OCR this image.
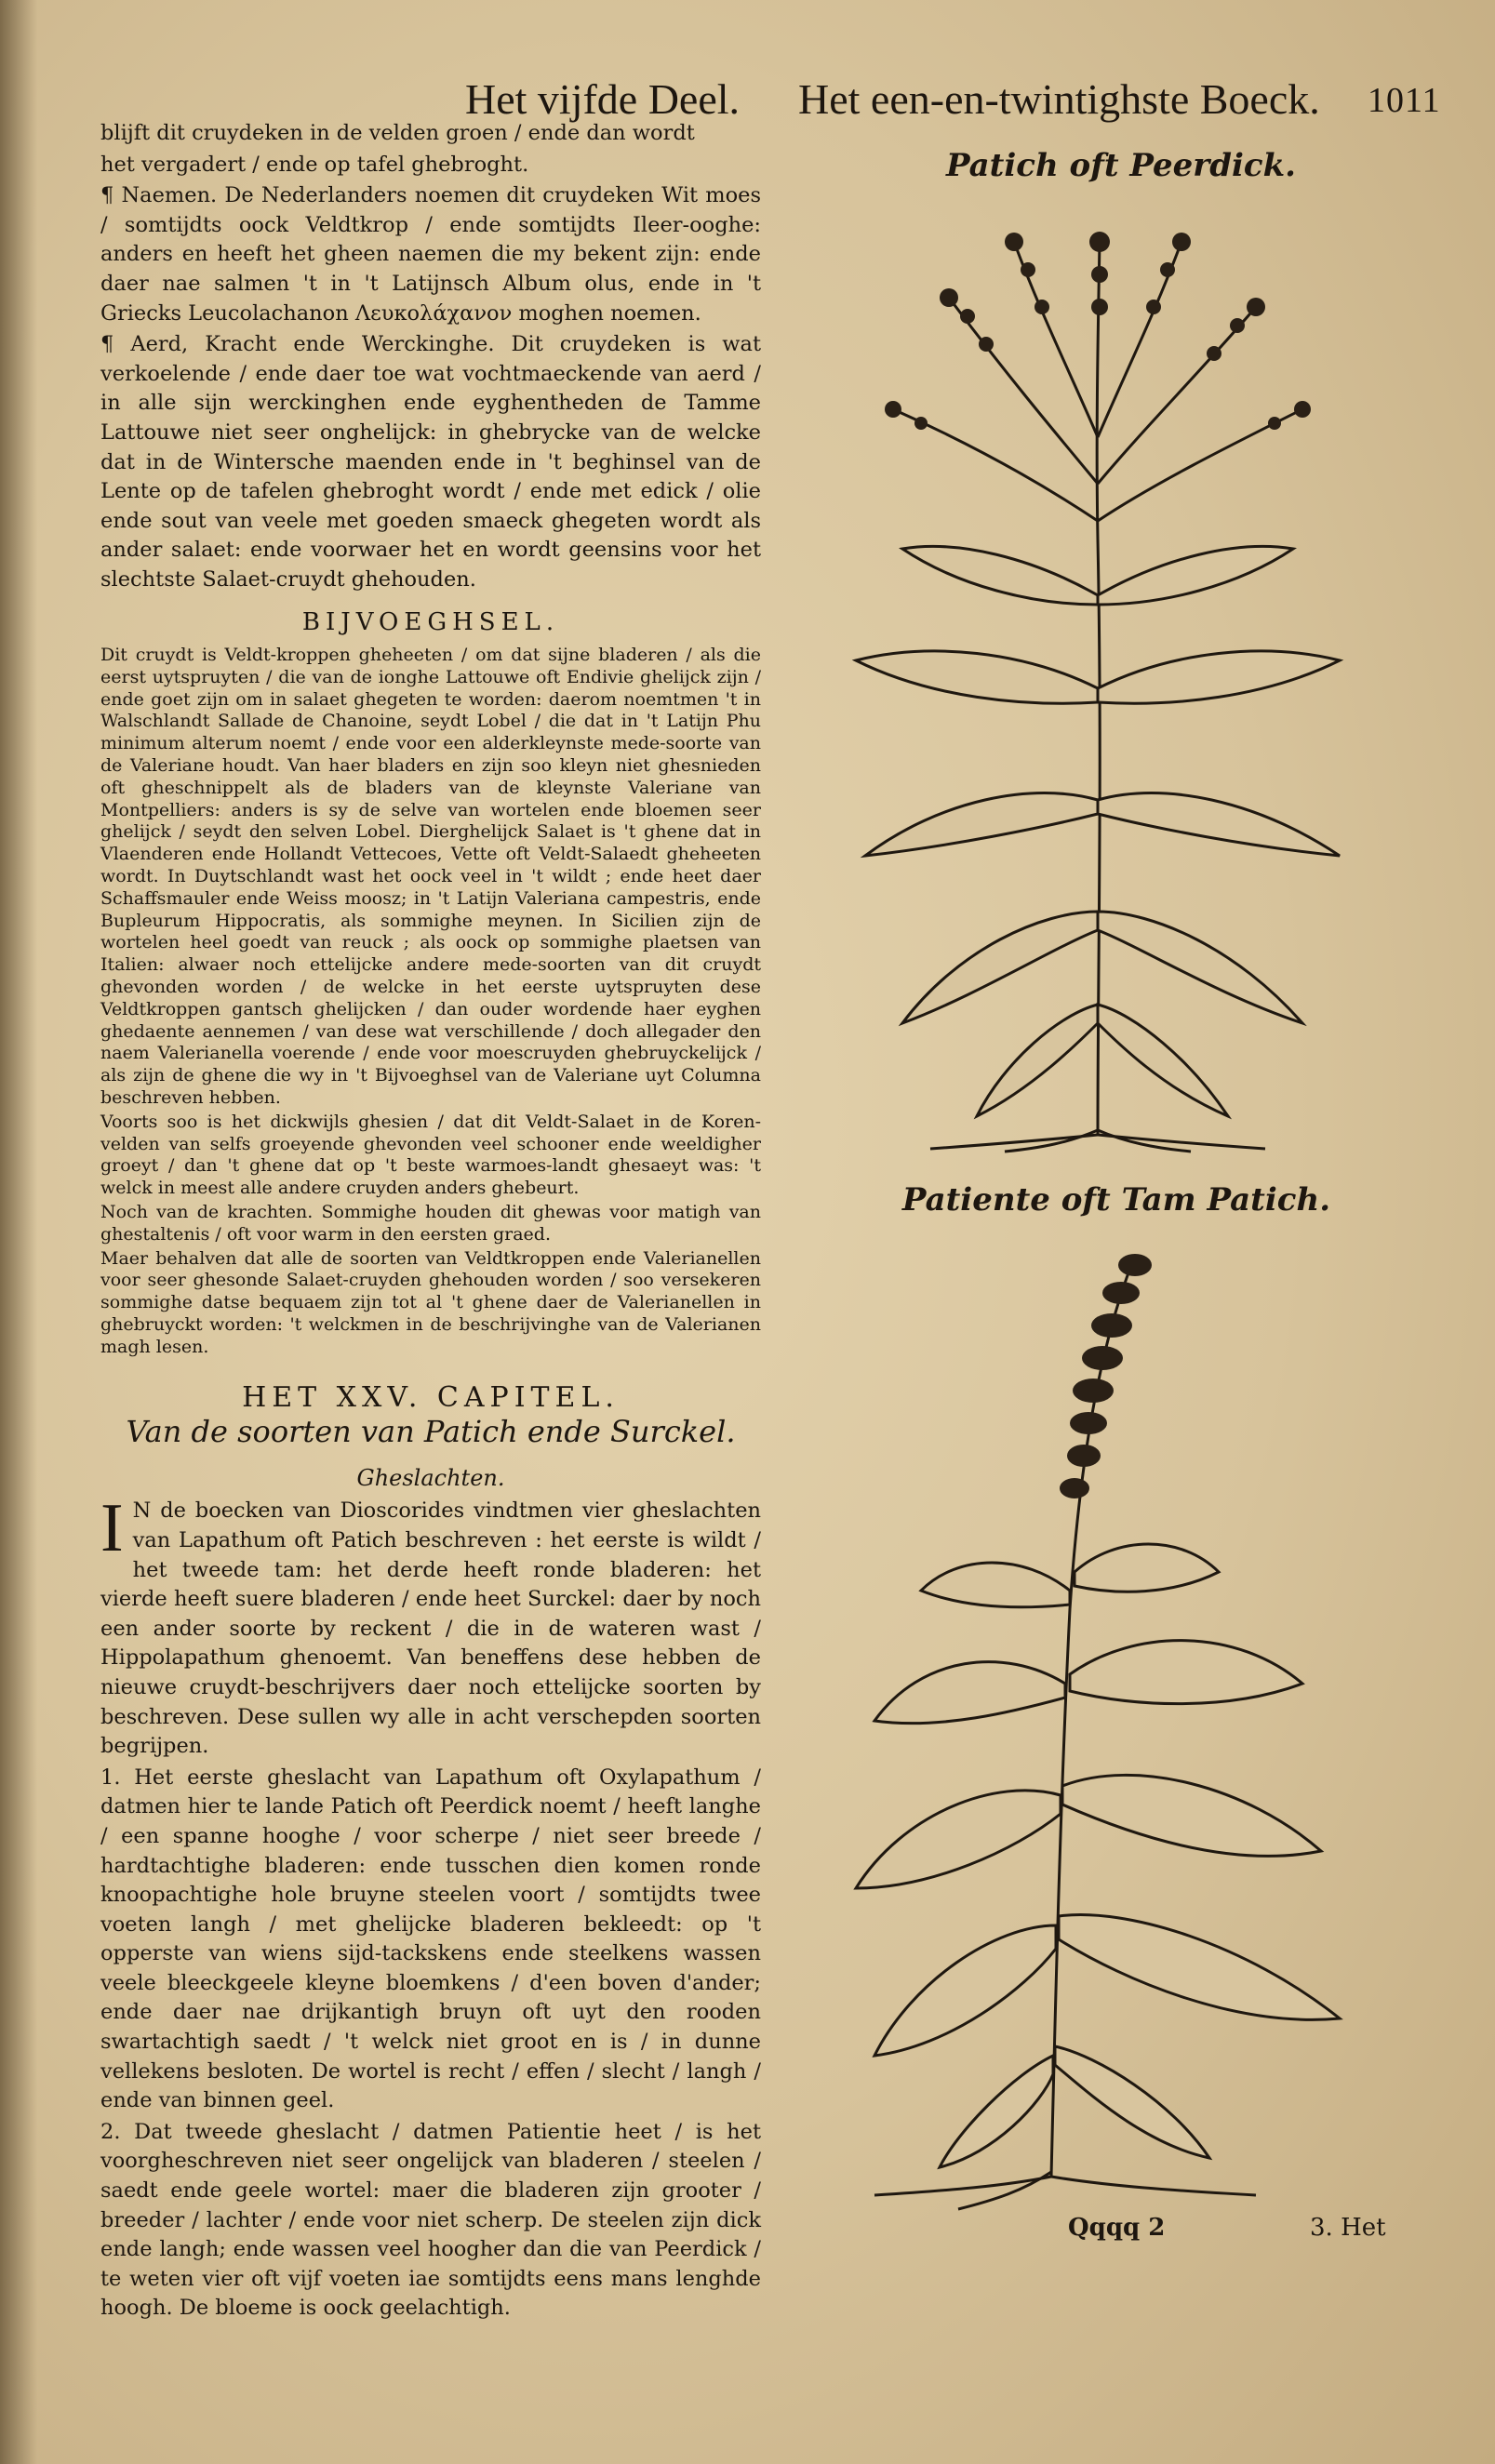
Het vijfde Deel. Het een-en-twintighste Boeck. 1011

blijft dit cruydeken in de velden groen / ende dan wordt

het vergadert / ende op tafel ghebroght.

¶ Naemen. De Nederlanders noemen dit cruydeken Wit moes / somtijdts oock Veldtkrop / ende somtijdts Ileer-ooghe: anders en heeft het gheen naemen die my bekent zijn: ende daer nae salmen 't in 't Latijnsch Album olus, ende in 't Griecks Leucolachanon Λευκολάχανον moghen noemen.

¶ Aerd, Kracht ende Werckinghe. Dit cruydeken is wat verkoelende / ende daer toe wat vochtmaeckende van aerd / in alle sijn werckinghen ende eyghentheden de Tamme Lattouwe niet seer onghelijck: in ghebrycke van de welcke dat in de Wintersche maenden ende in 't beghinsel van de Lente op de tafelen ghebroght wordt / ende met edick / olie ende sout van veele met goeden smaeck ghegeten wordt als ander salaet: ende voorwaer het en wordt geensins voor het slechtste Salaet-cruydt ghehouden.

BIJVOEGHSEL.

Dit cruydt is Veldt-kroppen gheheeten / om dat sijne bladeren / als die eerst uytspruyten / die van de ionghe Lattouwe oft Endivie ghelijck zijn / ende goet zijn om in salaet ghegeten te worden: daerom noemtmen 't in Walschlandt Sallade de Chanoine, seydt Lobel / die dat in 't Latijn Phu minimum alterum noemt / ende voor een alderkleynste mede-soorte van de Valeriane houdt. Van haer bladers en zijn soo kleyn niet ghesnieden oft gheschnippelt als de bladers van de kleynste Valeriane van Montpelliers: anders is sy de selve van wortelen ende bloemen seer ghelijck / seydt den selven Lobel. Dierghelijck Salaet is 't ghene dat in Vlaenderen ende Hollandt Vettecoes, Vette oft Veldt-Salaedt gheheeten wordt. In Duytschlandt wast het oock veel in 't wildt ; ende heet daer Schaffsmauler ende Weiss moosz; in 't Latijn Valeriana campestris, ende Bupleurum Hippocratis, als sommighe meynen. In Sicilien zijn de wortelen heel goedt van reuck ; als oock op sommighe plaetsen van Italien: alwaer noch ettelijcke andere mede-soorten van dit cruydt ghevonden worden / de welcke in het eerste uytspruyten dese Veldtkroppen gantsch ghelijcken / dan ouder wordende haer eyghen ghedaente aennemen / van dese wat verschillende / doch allegader den naem Valerianella voerende / ende voor moescruyden ghebruyckelijck / als zijn de ghene die wy in 't Bijvoeghsel van de Valeriane uyt Columna beschreven hebben.

Voorts soo is het dickwijls ghesien / dat dit Veldt-Salaet in de Koren-velden van selfs groeyende ghevonden veel schooner ende weeldigher groeyt / dan 't ghene dat op 't beste warmoes-landt ghesaeyt was: 't welck in meest alle andere cruyden anders ghebeurt.

Noch van de krachten. Sommighe houden dit ghewas voor matigh van ghestaltenis / oft voor warm in den eersten graed.

Maer behalven dat alle de soorten van Veldtkroppen ende Valerianellen voor seer ghesonde Salaet-cruyden ghehouden worden / soo versekeren sommighe datse bequaem zijn tot al 't ghene daer de Valerianellen in ghebruyckt worden: 't welckmen in de beschrijvinghe van de Valerianen magh lesen.

HET XXV. CAPITEL.
Van de soorten van Patich ende Surckel.
Gheslachten.
I N de boecken van Dioscorides vindtmen vier gheslachten van Lapathum oft Patich beschreven : het eerste is wildt / het tweede tam: het derde heeft ronde bladeren: het vierde heeft suere bladeren / ende heet Surckel: daer by noch een ander soorte by reckent / die in de wateren wast / Hippolapathum ghenoemt. Van beneffens dese hebben de nieuwe cruydt-beschrijvers daer noch ettelijcke soorten by beschreven. Dese sullen wy alle in acht verschepden soorten begrijpen.

1. Het eerste gheslacht van Lapathum oft Oxylapathum / datmen hier te lande Patich oft Peerdick noemt / heeft langhe / een spanne hooghe / voor scherpe / niet seer breede / hardtachtighe bladeren: ende tusschen dien komen ronde knoopachtighe hole bruyne steelen voort / somtijdts twee voeten langh / met ghelijcke bladeren bekleedt: op 't opperste van wiens sijd-tackskens ende steelkens wassen veele bleeckgeele kleyne bloemkens / d'een boven d'ander; ende daer nae drijkantigh bruyn oft uyt den rooden swartachtigh saedt / 't welck niet groot en is / in dunne vellekens besloten. De wortel is recht / effen / slecht / langh / ende van binnen geel.

2. Dat tweede gheslacht / datmen Patientie heet / is het voorgheschreven niet seer ongelijck van bladeren / steelen / saedt ende geele wortel: maer die bladeren zijn grooter / breeder / lachter / ende voor niet scherp. De steelen zijn dick ende langh; ende wassen veel hoogher dan die van Peerdick / te weten vier oft vijf voeten iae somtijdts eens mans lenghde hoogh. De bloeme is oock geelachtigh.

Patich oft Peerdick.
Patiente oft Tam Patich.
Qqqq 2	3. Het
